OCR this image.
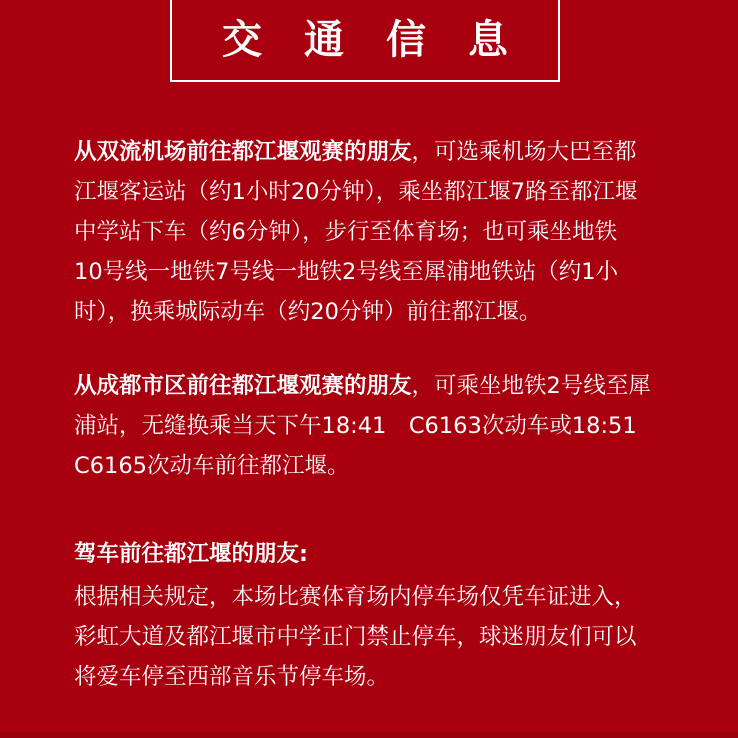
交通信息

从双流机场前往都江堰观赛的朋友，可选乘机场大巴至都

江堰客运站（约1小时20分钟），乘坐都江堰7路至都江堰

中学站下车（约6分钟），步行至体育场；也可乘坐地铁

10号线一地铁7号线一地铁2号线至犀浦地铁站（约1小

时），换乘城际动车（约20分钟）前往都江堰。

从成都市区前往都江堰观赛的朋友，可乘坐地铁2号线至犀

浦站，无缝换乘当天下午18:41　C6163次动车或18:51

C6165次动车前往都江堰。

驾车前往都江堰的朋友:

根据相关规定，本场比赛体育场内停车场仅凭车证进入，

彩虹大道及都江堰市中学正门禁止停车，球迷朋友们可以

将爱车停至西部音乐节停车场。
